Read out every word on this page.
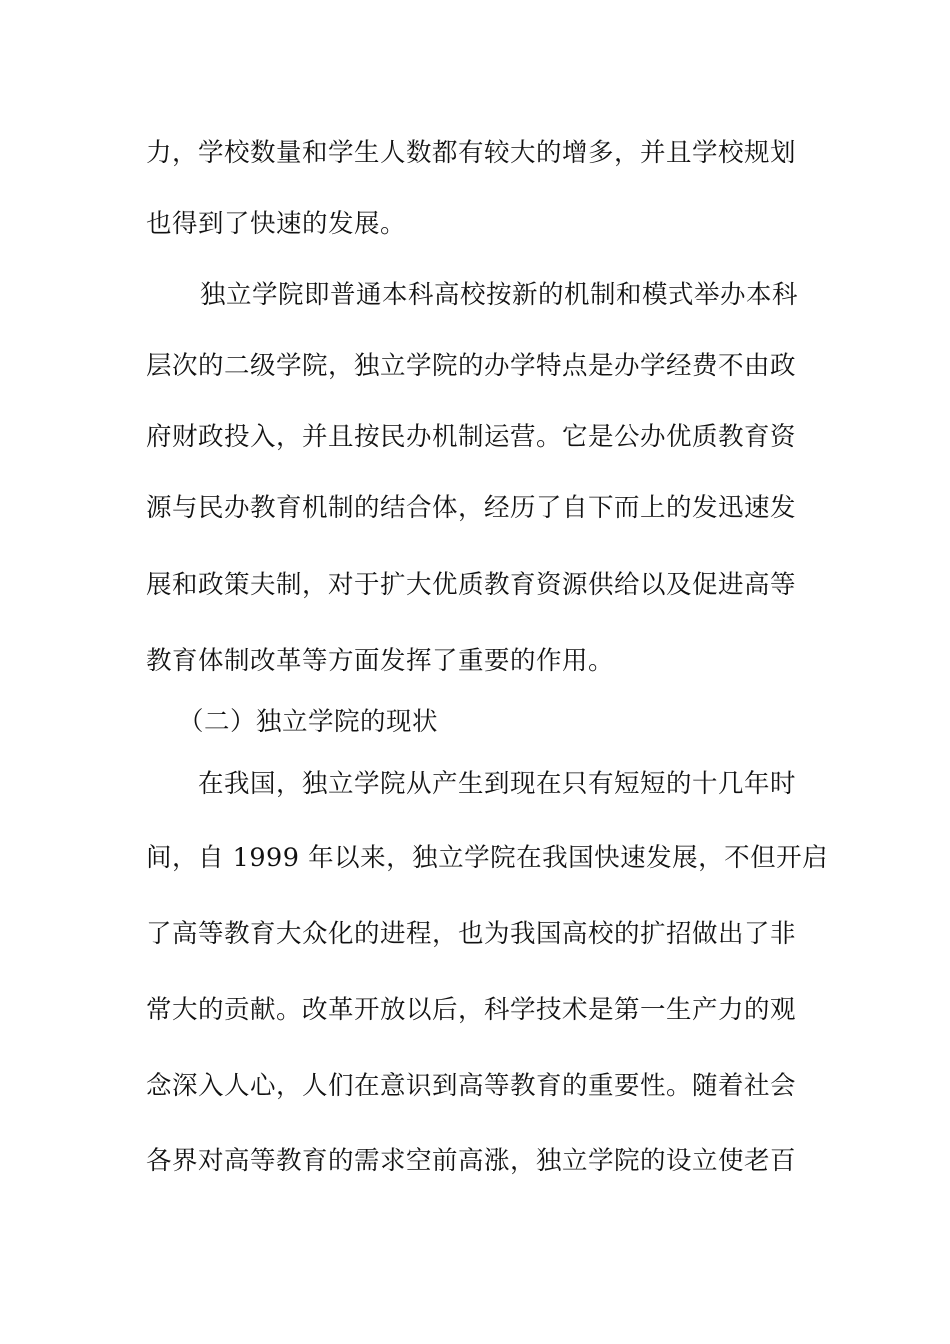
力，学校数量和学生人数都有较大的增多，并且学校规划
也得到了快速的发展。
独立学院即普通本科高校按新的机制和模式举办本科
层次的二级学院，独立学院的办学特点是办学经费不由政
府财政投入，并且按民办机制运营。它是公办优质教育资
源与民办教育机制的结合体，经历了自下而上的发迅速发
展和政策夫制，对于扩大优质教育资源供给以及促进高等
教育体制改革等方面发挥了重要的作用。
（二）独立学院的现状
在我国，独立学院从产生到现在只有短短的十几年时
间，自 1999 年以来，独立学院在我国快速发展，不但开启
了高等教育大众化的进程，也为我国高校的扩招做出了非
常大的贡献。改革开放以后，科学技术是第一生产力的观
念深入人心，人们在意识到高等教育的重要性。随着社会
各界对高等教育的需求空前高涨，独立学院的设立使老百
